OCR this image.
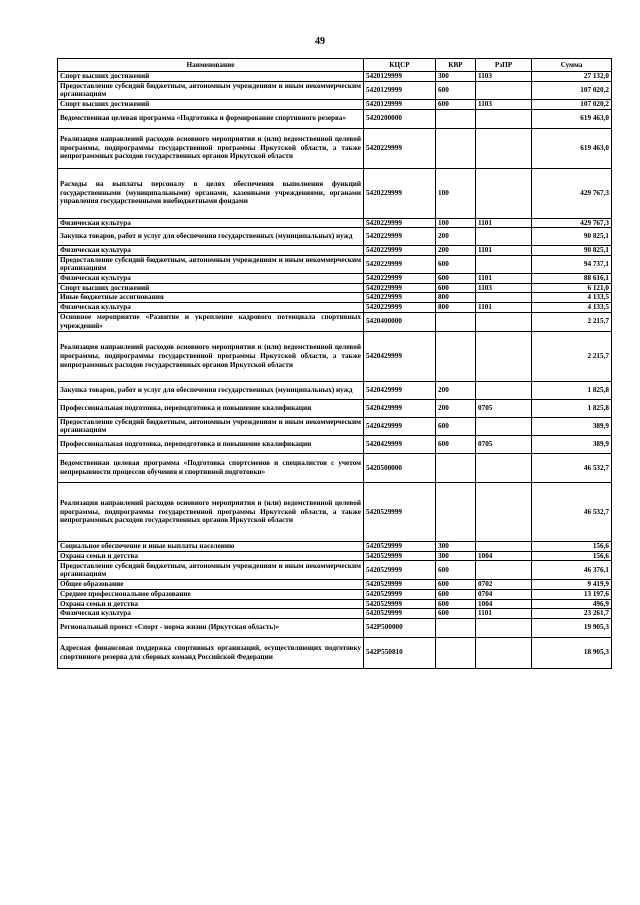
49
Наименование	КЦСР	КВР	РзПР	Сумма
Спорт высших достижений	5420129999	300	1103	27 132,0
Предоставление субсидий бюджетным, автономным учреждениям и иным некоммерческим организациям	5420129999	600		107 020,2
Спорт высших достижений	5420129999	600	1103	107 020,2
Ведомственная целевая программа «Подготовка и формирование спортивного резерва»	5420200000			619 463,0
Реализация направлений расходов основного мероприятия и (или) ведомственной целевой программы, подпрограммы государственной программы Иркутской области, а также непрограммных расходов государственных органов Иркутской области	5420229999			619 463,0
Расходы на выплаты персоналу в целях обеспечения выполнения функций государственными (муниципальными) органами, казенными учреждениями, органами управления государственными внебюджетными фондами	5420229999	100		429 767,3
Физическая культура	5420229999	100	1101	429 767,3
Закупка товаров, работ и услуг для обеспечения государственных (муниципальных) нужд	5420229999	200		90 825,1
Физическая культура	5420229999	200	1101	90 825,1
Предоставление субсидий бюджетным, автономным учреждениям и иным некоммерческим организациям	5420229999	600		94 737,1
Физическая культура	5420229999	600	1101	88 616,1
Спорт высших достижений	5420229999	600	1103	6 121,0
Иные бюджетные ассигнования	5420229999	800		4 133,5
Физическая культура	5420229999	800	1101	4 133,5
Основное мероприятие «Развитие и укрепление кадрового потенциала спортивных учреждений»	5420400000			2 215,7
Реализация направлений расходов основного мероприятия и (или) ведомственной целевой программы, подпрограммы государственной программы Иркутской области, а также непрограммных расходов государственных органов Иркутской области	5420429999			2 215,7
Закупка товаров, работ и услуг для обеспечения государственных (муниципальных) нужд	5420429999	200		1 825,8
Профессиональная подготовка, переподготовка и повышение квалификации	5420429999	200	0705	1 825,8
Предоставление субсидий бюджетным, автономным учреждениям и иным некоммерческим организациям	5420429999	600		389,9
Профессиональная подготовка, переподготовка и повышение квалификации	5420429999	600	0705	389,9
Ведомственная целевая программа «Подготовка спортсменов и специалистов с учетом непрерывности процессов обучения и спортивной подготовки»	5420500000			46 532,7
Реализация направлений расходов основного мероприятия и (или) ведомственной целевой программы, подпрограммы государственной программы Иркутской области, а также непрограммных расходов государственных органов Иркутской области	5420529999			46 532,7
Социальное обеспечение и иные выплаты населению	5420529999	300		156,6
Охрана семьи и детства	5420529999	300	1004	156,6
Предоставление субсидий бюджетным, автономным учреждениям и иным некоммерческим организациям	5420529999	600		46 376,1
Общее образование	5420529999	600	0702	9 419,9
Среднее профессиональное образование	5420529999	600	0704	13 197,6
Охрана семьи и детства	5420529999	600	1004	496,9
Физическая культура	5420529999	600	1101	23 261,7
Региональный проект «Спорт - норма жизни (Иркутская область)»	542P500000			19 905,3
Адресная финансовая поддержка спортивных организаций, осуществляющих подготовку спортивного резерва для сборных команд Российской Федерации	542P550810			18 905,3
